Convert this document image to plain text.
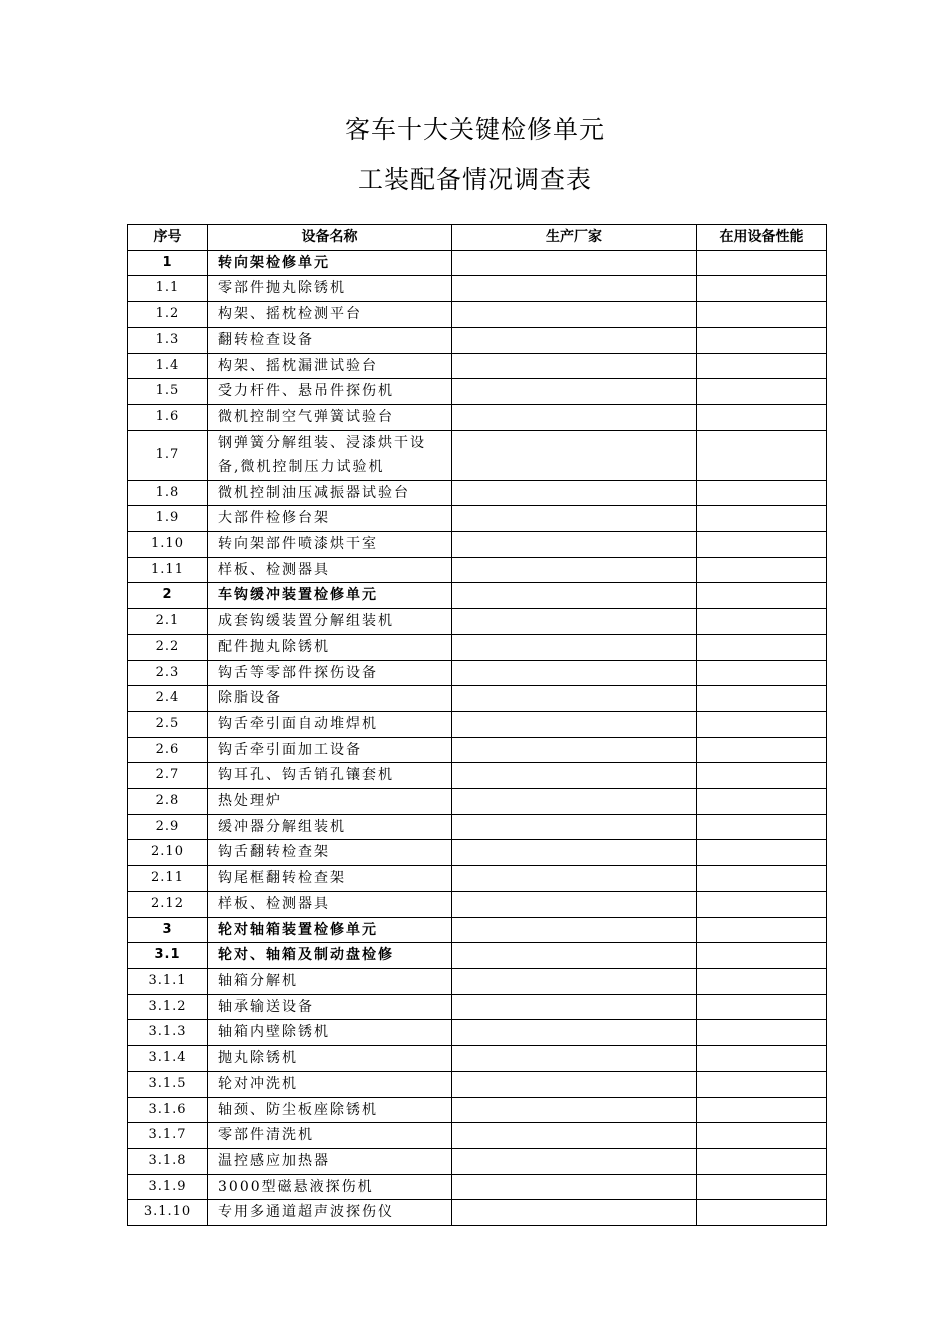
客车十大关键检修单元
工装配备情况调查表
序号	设备名称	生产厂家	在用设备性能
1	转向架检修单元		
1.1	零部件抛丸除锈机		
1.2	构架、摇枕检测平台		
1.3	翻转检查设备		
1.4	构架、摇枕漏泄试验台		
1.5	受力杆件、悬吊件探伤机		
1.6	微机控制空气弹簧试验台		
1.7	钢弹簧分解组装、浸漆烘干设备,微机控制压力试验机		
1.8	微机控制油压减振器试验台		
1.9	大部件检修台架		
1.10	转向架部件喷漆烘干室		
1.11	样板、检测器具		
2	车钩缓冲装置检修单元		
2.1	成套钩缓装置分解组装机		
2.2	配件抛丸除锈机		
2.3	钩舌等零部件探伤设备		
2.4	除脂设备		
2.5	钩舌牵引面自动堆焊机		
2.6	钩舌牵引面加工设备		
2.7	钩耳孔、钩舌销孔镶套机		
2.8	热处理炉		
2.9	缓冲器分解组装机		
2.10	钩舌翻转检查架		
2.11	钩尾框翻转检查架		
2.12	样板、检测器具		
3	轮对轴箱装置检修单元		
3.1	轮对、轴箱及制动盘检修		
3.1.1	轴箱分解机		
3.1.2	轴承输送设备		
3.1.3	轴箱内壁除锈机		
3.1.4	抛丸除锈机		
3.1.5	轮对冲洗机		
3.1.6	轴颈、防尘板座除锈机		
3.1.7	零部件清洗机		
3.1.8	温控感应加热器		
3.1.9	3000型磁悬液探伤机		
3.1.10	专用多通道超声波探伤仪		
